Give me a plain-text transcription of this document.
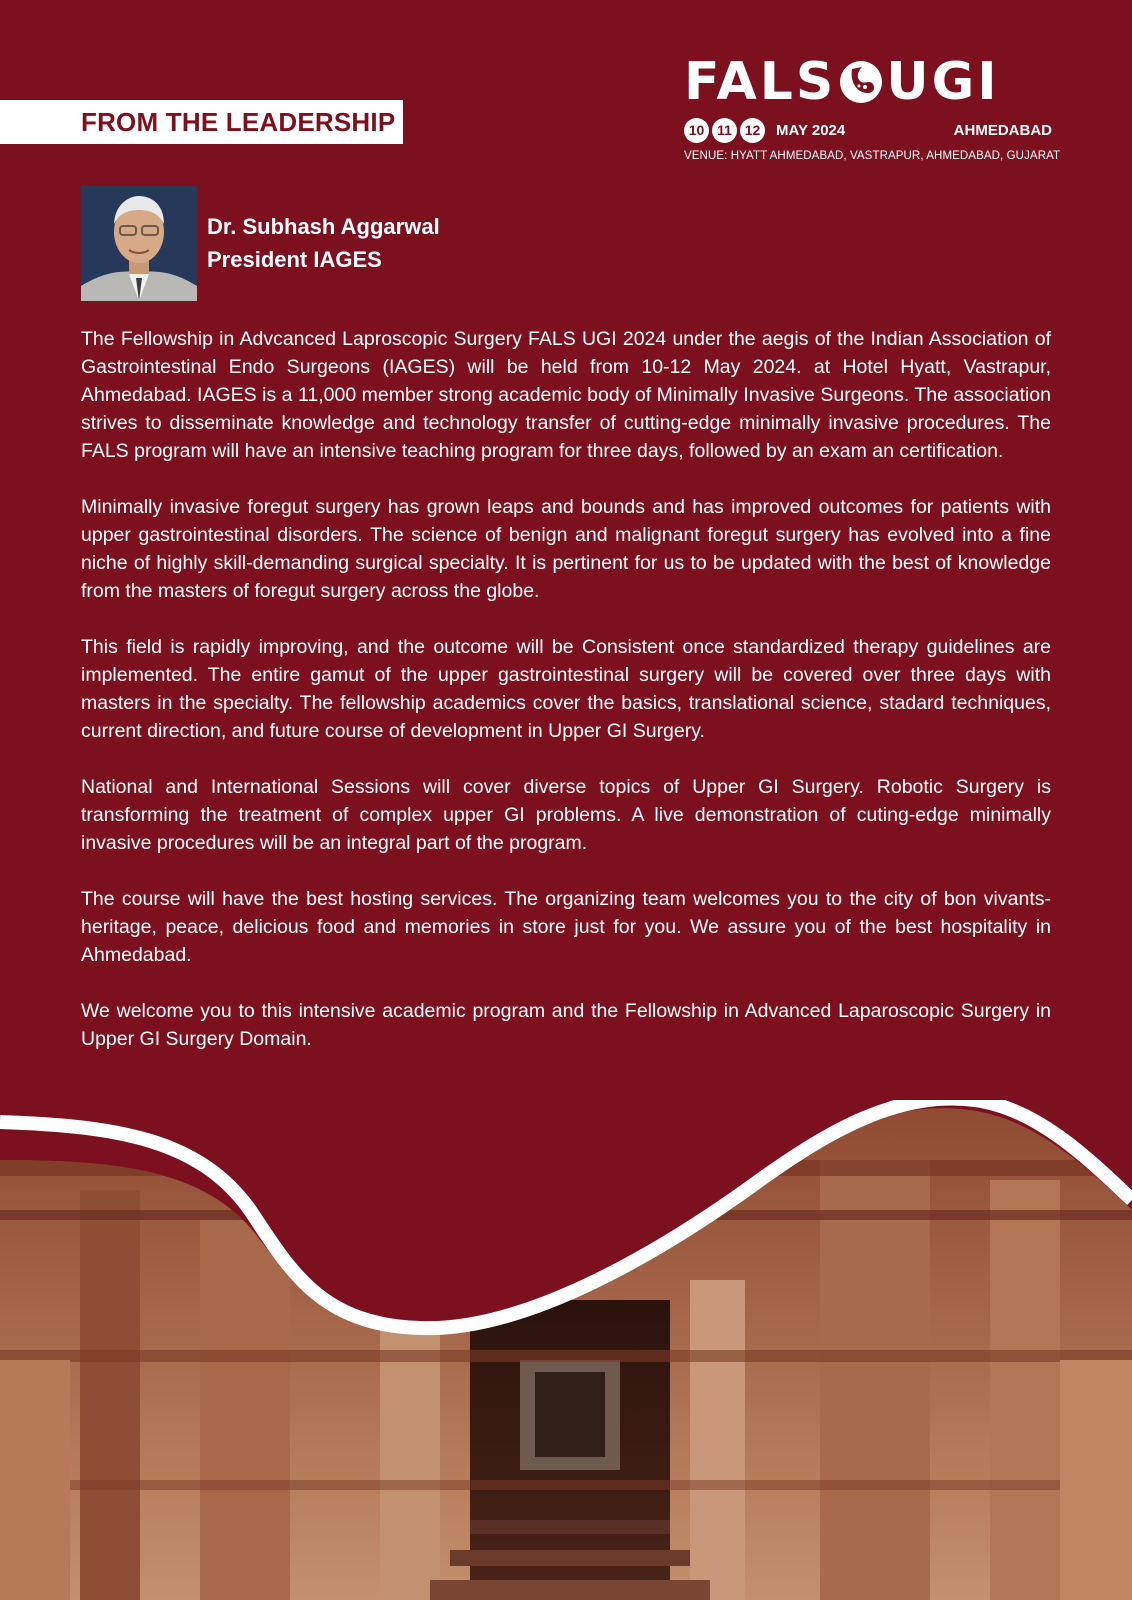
FROM THE LEADERSHIP
FALS UGI
10 11 12	MAY 2024	AHMEDABAD
VENUE: HYATT AHMEDABAD, VASTRAPUR, AHMEDABAD, GUJARAT
Dr. Subhash Aggarwal
President IAGES

The Fellowship in Advcanced Laproscopic Surgery FALS UGI 2024 under the aegis of the Indian Association of Gastrointestinal Endo Surgeons (IAGES) will be held from 10-12 May 2024. at Hotel Hyatt, Vastrapur, Ahmedabad. IAGES is a 11,000 member strong academic body of Minimally Invasive Surgeons. The association strives to disseminate knowledge and technology transfer of cutting-edge minimally invasive procedures. The FALS program will have an intensive teaching program for three days, followed by an exam an certification.

Minimally invasive foregut surgery has grown leaps and bounds and has improved outcomes for patients with upper gastrointestinal disorders. The science of benign and malignant foregut surgery has evolved into a fine niche of highly skill-demanding surgical specialty. It is pertinent for us to be updated with the best of knowledge from the masters of foregut surgery across the globe.

This field is rapidly improving, and the outcome will be Consistent once standardized therapy guidelines are implemented. The entire gamut of the upper gastrointestinal surgery will be covered over three days with masters in the specialty. The fellowship academics cover the basics, translational science, stadard techniques, current direction, and future course of development in Upper GI Surgery.

National and International Sessions will cover diverse topics of Upper GI Surgery. Robotic Surgery is transforming the treatment of complex upper GI problems. A live demonstration of cuting-edge minimally invasive procedures will be an integral part of the program.

The course will have the best hosting services. The organizing team welcomes you to the city of bon vivants- heritage, peace, delicious food and memories in store just for you. We assure you of the best hospitality in Ahmedabad.

We welcome you to this intensive academic program and the Fellowship in Advanced Laparoscopic Surgery in Upper GI Surgery Domain.
